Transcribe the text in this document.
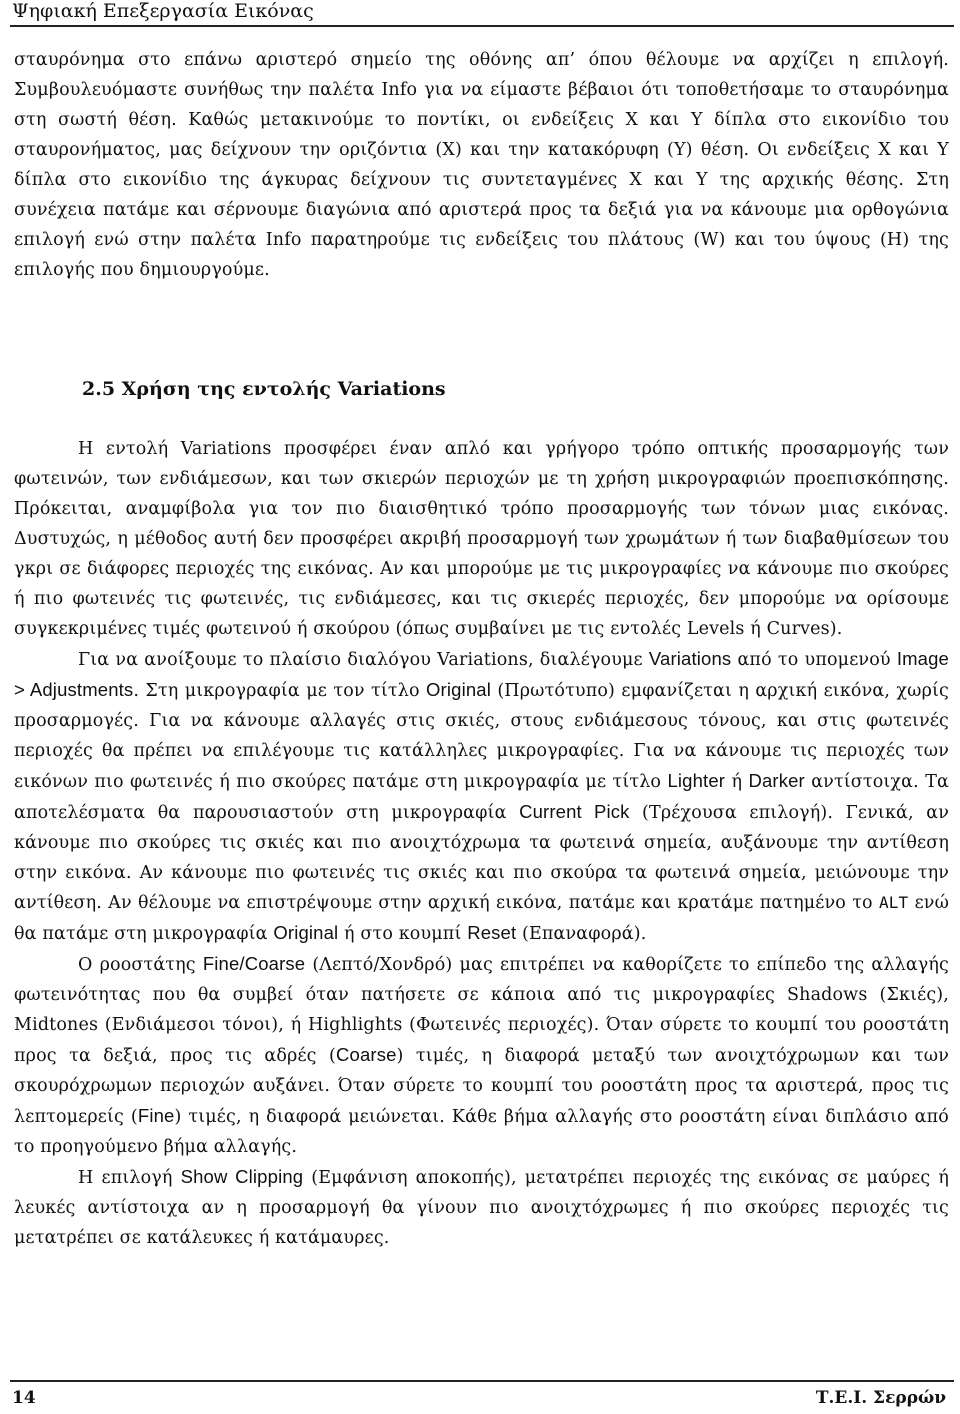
Ψηφιακή Επεξεργασία Εικόνας

σταυρόνημα στο επάνω αριστερό σημείο της οθόνης απ’ όπου θέλουμε να αρχίζει η επιλογή. Συμβουλευόμαστε συνήθως την παλέτα Info για να είμαστε βέβαιοι ότι τοποθετήσαμε το σταυρόνημα στη σωστή θέση. Καθώς μετακινούμε το ποντίκι, οι ενδείξεις X και Y δίπλα στο εικονίδιο του σταυρονήματος, μας δείχνουν την οριζόντια (X) και την κατακόρυφη (Y) θέση. Οι ενδείξεις X και Y δίπλα στο εικονίδιο της άγκυρας δείχνουν τις συντεταγμένες X και Y της αρχικής θέσης. Στη συνέχεια πατάμε και σέρνουμε διαγώνια από αριστερά προς τα δεξιά για να κάνουμε μια ορθογώνια επιλογή ενώ στην παλέτα Info παρατηρούμε τις ενδείξεις του πλάτους (W) και του ύψους (H) της επιλογής που δημιουργούμε.

2.5 Χρήση της εντολής Variations

Η εντολή Variations προσφέρει έναν απλό και γρήγορο τρόπο οπτικής προσαρμογής των φωτεινών, των ενδιάμεσων, και των σκιερών περιοχών με τη χρήση μικρογραφιών προεπισκόπησης. Πρόκειται, αναμφίβολα για τον πιο διαισθητικό τρόπο προσαρμογής των τόνων μιας εικόνας. Δυστυχώς, η μέθοδος αυτή δεν προσφέρει ακριβή προσαρμογή των χρωμάτων ή των διαβαθμίσεων του γκρι σε διάφορες περιοχές της εικόνας. Αν και μπορούμε με τις μικρογραφίες να κάνουμε πιο σκούρες ή πιο φωτεινές τις φωτεινές, τις ενδιάμεσες, και τις σκιερές περιοχές, δεν μπορούμε να ορίσουμε συγκεκριμένες τιμές φωτεινού ή σκούρου (όπως συμβαίνει με τις εντολές Levels ή Curves).

Για να ανοίξουμε το πλαίσιο διαλόγου Variations, διαλέγουμε Variations από το υπομενού Image > Adjustments. Στη μικρογραφία με τον τίτλο Original (Πρωτότυπο) εμφανίζεται η αρχική εικόνα, χωρίς προσαρμογές. Για να κάνουμε αλλαγές στις σκιές, στους ενδιάμεσους τόνους, και στις φωτεινές περιοχές θα πρέπει να επιλέγουμε τις κατάλληλες μικρογραφίες. Για να κάνουμε τις περιοχές των εικόνων πιο φωτεινές ή πιο σκούρες πατάμε στη μικρογραφία με τίτλο Lighter ή Darker αντίστοιχα. Τα αποτελέσματα θα παρουσιαστούν στη μικρογραφία Current Pick (Τρέχουσα επιλογή). Γενικά, αν κάνουμε πιο σκούρες τις σκιές και πιο ανοιχτόχρωμα τα φωτεινά σημεία, αυξάνουμε την αντίθεση στην εικόνα. Αν κάνουμε πιο φωτεινές τις σκιές και πιο σκούρα τα φωτεινά σημεία, μειώνουμε την αντίθεση. Αν θέλουμε να επιστρέψουμε στην αρχική εικόνα, πατάμε και κρατάμε πατημένο το ALT ενώ θα πατάμε στη μικρογραφία Original ή στο κουμπί Reset (Επαναφορά).

Ο ροοστάτης Fine/Coarse (Λεπτό/Χονδρό) μας επιτρέπει να καθορίζετε το επίπεδο της αλλαγής φωτεινότητας που θα συμβεί όταν πατήσετε σε κάποια από τις μικρογραφίες Shadows (Σκιές), Midtones (Ενδιάμεσοι τόνοι), ή Highlights (Φωτεινές περιοχές). Όταν σύρετε το κουμπί του ροοστάτη προς τα δεξιά, προς τις αδρές (Coarse) τιμές, η διαφορά μεταξύ των ανοιχτόχρωμων και των σκουρόχρωμων περιοχών αυξάνει. Όταν σύρετε το κουμπί του ροοστάτη προς τα αριστερά, προς τις λεπτομερείς (Fine) τιμές, η διαφορά μειώνεται. Κάθε βήμα αλλαγής στο ροοστάτη είναι διπλάσιο από το προηγούμενο βήμα αλλαγής.

Η επιλογή Show Clipping (Εμφάνιση αποκοπής), μετατρέπει περιοχές της εικόνας σε μαύρες ή λευκές αντίστοιχα αν η προσαρμογή θα γίνουν πιο ανοιχτόχρωμες ή πιο σκούρες περιοχές τις μετατρέπει σε κατάλευκες ή κατάμαυρες.

14	Τ.Ε.Ι. Σερρών
